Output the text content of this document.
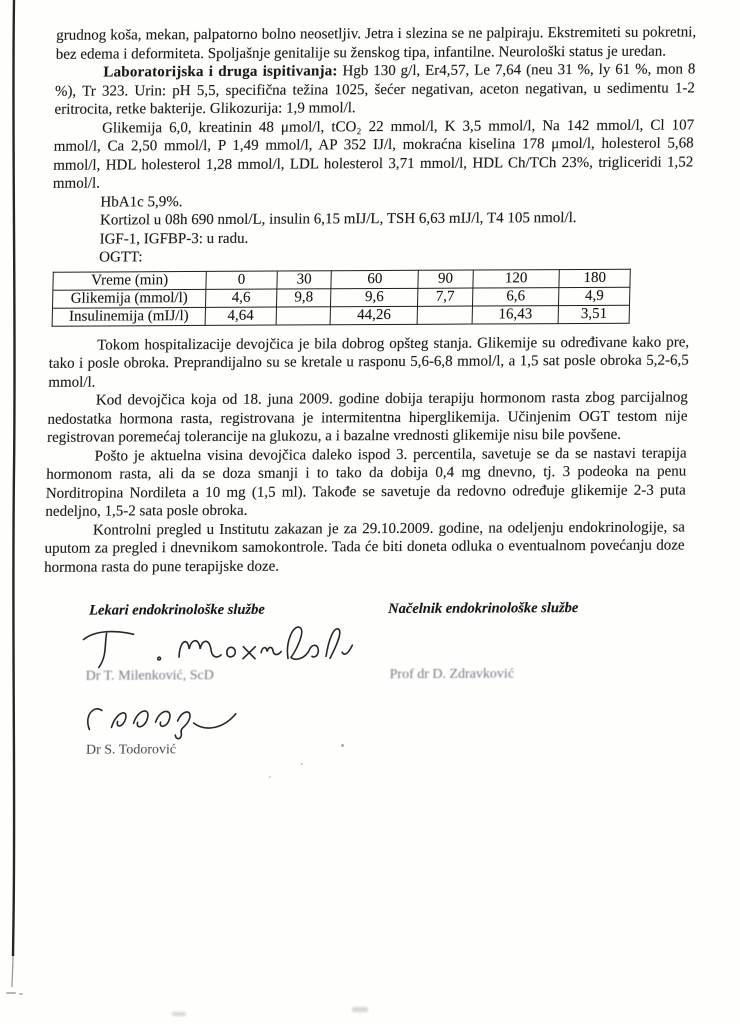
grudnog koša, mekan, palpatorno bolno neosetljiv. Jetra i slezina se ne palpiraju. Ekstremiteti su pokretni, bez edema i deformiteta. Spoljašnje genitalije su ženskog tipa, infantilne. Neurološki status je uredan.

Laboratorijska i druga ispitivanja: Hgb 130 g/l, Er4,57, Le 7,64 (neu 31 %, ly 61 %, mon 8 %), Tr 323. Urin: pH 5,5, specifična težina 1025, šećer negativan, aceton negativan, u sedimentu 1-2 eritrocita, retke bakterije. Glikozurija: 1,9 mmol/l.

Glikemija 6,0, kreatinin 48 μmol/l, tCO₂ 22 mmol/l, K 3,5 mmol/l, Na 142 mmol/l, Cl 107 mmol/l, Ca 2,50 mmol/l, P 1,49 mmol/l, AP 352 IJ/l, mokraćna kiselina 178 μmol/l, holesterol 5,68 mmol/l, HDL holesterol 1,28 mmol/l, LDL holesterol 3,71 mmol/l, HDL Ch/TCh 23%, trigliceridi 1,52 mmol/l.

HbA1c 5,9%.

Kortizol u 08h 690 nmol/L, insulin 6,15 mIJ/L, TSH 6,63 mIJ/l, T4 105 nmol/l.

IGF-1, IGFBP-3: u radu.

OGTT:

Vreme (min)	0	30	60	90	120	180
Glikemija (mmol/l)	4,6	9,8	9,6	7,7	6,6	4,9
Insulinemija (mIJ/l)	4,64		44,26		16,43	3,51

Tokom hospitalizacije devojčica je bila dobrog opšteg stanja. Glikemije su određivane kako pre, tako i posle obroka. Preprandijalno su se kretale u rasponu 5,6-6,8 mmol/l, a 1,5 sat posle obroka 5,2-6,5 mmol/l.

Kod devojčica koja od 18. juna 2009. godine dobija terapiju hormonom rasta zbog parcijalnog nedostatka hormona rasta, registrovana je intermitentna hiperglikemija. Učinjenim OGT testom nije registrovan poremećaj tolerancije na glukozu, a i bazalne vrednosti glikemije nisu bile povšene.

Pošto je aktuelna visina devojčica daleko ispod 3. percentila, savetuje se da se nastavi terapija hormonom rasta, ali da se doza smanji i to tako da dobija 0,4 mg dnevno, tj. 3 podeoka na penu Norditropina Nordileta a 10 mg (1,5 ml). Takođe se savetuje da redovno određuje glikemije 2-3 puta nedeljno, 1,5-2 sata posle obroka.

Kontrolni pregled u Institutu zakazan je za 29.10.2009. godine, na odeljenju endokrinologije, sa uputom za pregled i dnevnikom samokontrole. Tada će biti doneta odluka o eventualnom povećanju doze hormona rasta do pune terapijske doze.

Lekari endokrinološke službe	Načelnik endokrinološke službe
Dr T. Milenković, ScD	Prof dr D. Zdravković
Dr S. Todorović
